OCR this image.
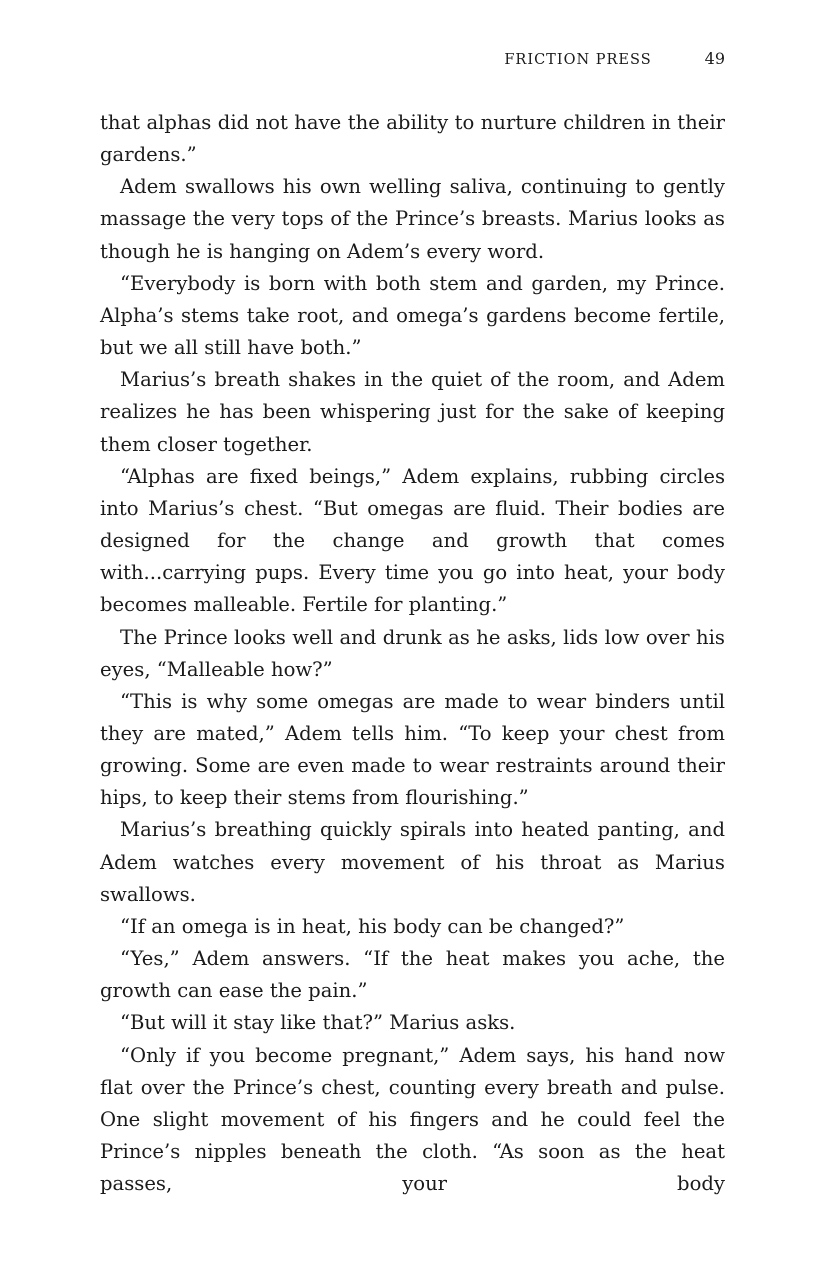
FRICTION PRESS	49

that alphas did not have the ability to nurture children in their gardens.”

Adem swallows his own welling saliva, continuing to gently massage the very tops of the Prince’s breasts. Marius looks as though he is hanging on Adem’s every word.

“Everybody is born with both stem and garden, my Prince. Alpha’s stems take root, and omega’s gardens become fertile, but we all still have both.”

Marius’s breath shakes in the quiet of the room, and Adem realizes he has been whispering just for the sake of keeping them closer together.

“Alphas are fixed beings,” Adem explains, rubbing circles into Marius’s chest. “But omegas are fluid. Their bodies are designed for the change and growth that comes with...carrying pups. Every time you go into heat, your body becomes malleable. Fertile for planting.”

The Prince looks well and drunk as he asks, lids low over his eyes, “Malleable how?”

“This is why some omegas are made to wear binders until they are mated,” Adem tells him. “To keep your chest from growing. Some are even made to wear restraints around their hips, to keep their stems from flourishing.”

Marius’s breathing quickly spirals into heated panting, and Adem watches every movement of his throat as Marius swallows.

“If an omega is in heat, his body can be changed?”

“Yes,” Adem answers. “If the heat makes you ache, the growth can ease the pain.”

“But will it stay like that?” Marius asks.

“Only if you become pregnant,” Adem says, his hand now flat over the Prince’s chest, counting every breath and pulse. One slight movement of his fingers and he could feel the Prince’s nipples beneath the cloth. “As soon as the heat passes, your body
